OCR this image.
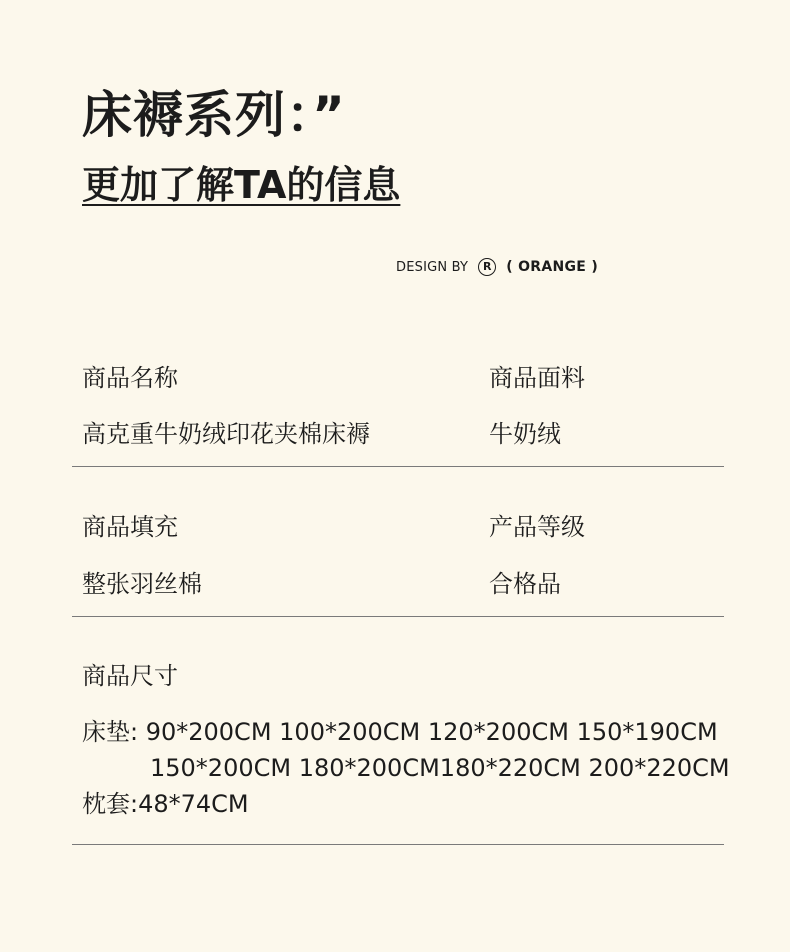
床褥系列：”
更加了解TA的信息
DESIGN BY
R	( ORANGE )
商品名称	商品面料
高克重牛奶绒印花夹棉床褥	牛奶绒
商品填充	产品等级
整张羽丝棉	合格品
商品尺寸
床垫: 90*200CM 100*200CM 120*200CM 150*190CM
150*200CM 180*200CM180*220CM 200*220CM
枕套:48*74CM
